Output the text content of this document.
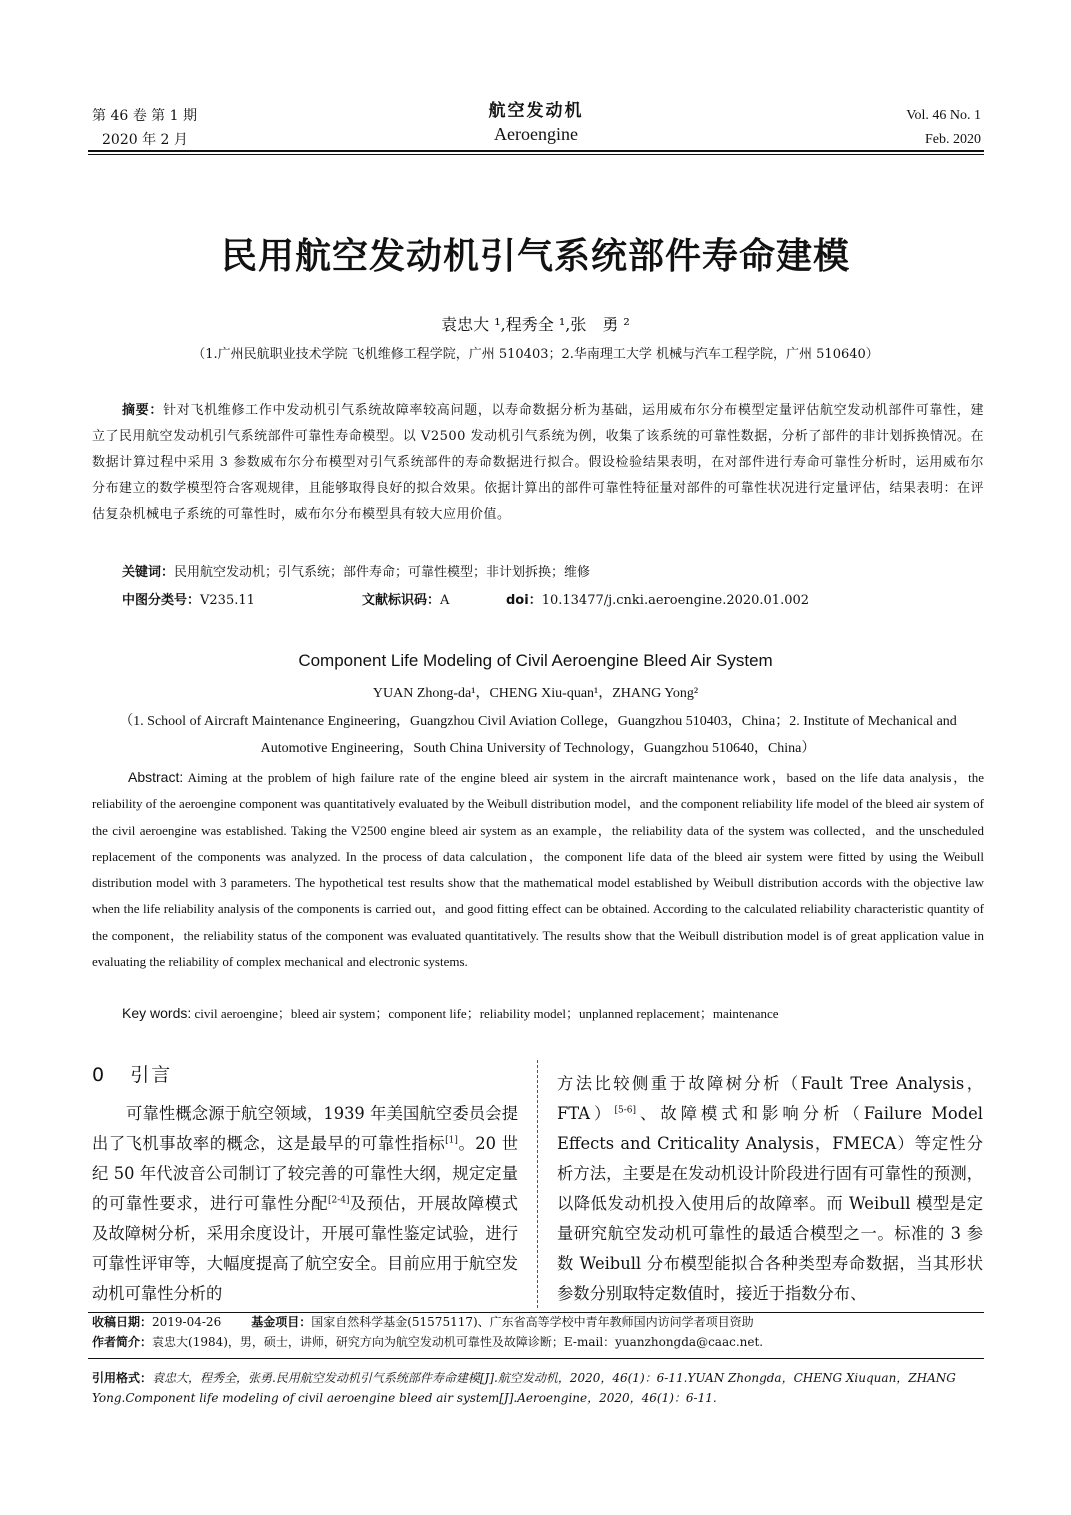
第 46 卷 第 1 期
2020 年 2 月
航空发动机
Aeroengine
Vol. 46 No. 1
Feb. 2020
民用航空发动机引气系统部件寿命建模
袁忠大 ¹,程秀全 ¹,张　勇 ²
（1.广州民航职业技术学院 飞机维修工程学院，广州 510403；2.华南理工大学 机械与汽车工程学院，广州 510640）
摘要：针对飞机维修工作中发动机引气系统故障率较高问题，以寿命数据分析为基础，运用威布尔分布模型定量评估航空发动机部件可靠性，建立了民用航空发动机引气系统部件可靠性寿命模型。以 V2500 发动机引气系统为例，收集了该系统的可靠性数据，分析了部件的非计划拆换情况。在数据计算过程中采用 3 参数威布尔分布模型对引气系统部件的寿命数据进行拟合。假设检验结果表明，在对部件进行寿命可靠性分析时，运用威布尔分布建立的数学模型符合客观规律，且能够取得良好的拟合效果。依据计算出的部件可靠性特征量对部件的可靠性状况进行定量评估，结果表明：在评估复杂机械电子系统的可靠性时，威布尔分布模型具有较大应用价值。
关键词：民用航空发动机；引气系统；部件寿命；可靠性模型；非计划拆换；维修
中图分类号：V235.11	文献标识码：A	doi：10.13477/j.cnki.aeroengine.2020.01.002
Component Life Modeling of Civil Aeroengine Bleed Air System
YUAN Zhong-da¹，CHENG Xiu-quan¹，ZHANG Yong²
（1. School of Aircraft Maintenance Engineering，Guangzhou Civil Aviation College，Guangzhou 510403，China；2. Institute of Mechanical and Automotive Engineering，South China University of Technology，Guangzhou 510640，China）
Abstract: Aiming at the problem of high failure rate of the engine bleed air system in the aircraft maintenance work，based on the life data analysis，the reliability of the aeroengine component was quantitatively evaluated by the Weibull distribution model，and the component reliability life model of the bleed air system of the civil aeroengine was established. Taking the V2500 engine bleed air system as an example，the reliability data of the system was collected，and the unscheduled replacement of the components was analyzed. In the process of data calculation，the component life data of the bleed air system were fitted by using the Weibull distribution model with 3 parameters. The hypothetical test results show that the mathematical model established by Weibull distribution accords with the objective law when the life reliability analysis of the components is carried out，and good fitting effect can be obtained. According to the calculated reliability characteristic quantity of the component，the reliability status of the component was evaluated quantitatively. The results show that the Weibull distribution model is of great application value in evaluating the reliability of complex mechanical and electronic systems.
Key words: civil aeroengine；bleed air system；component life；reliability model；unplanned replacement；maintenance
0 引言
可靠性概念源于航空领域，1939 年美国航空委员会提出了飞机事故率的概念，这是最早的可靠性指标[1]。20 世纪 50 年代波音公司制订了较完善的可靠性大纲，规定定量的可靠性要求，进行可靠性分配[2-4]及预估，开展故障模式及故障树分析，采用余度设计，开展可靠性鉴定试验，进行可靠性评审等，大幅度提高了航空安全。目前应用于航空发动机可靠性分析的
方法比较侧重于故障树分析（Fault Tree Analysis，FTA）[5-6]、故障模式和影响分析（Failure Model Effects and Criticality Analysis，FMECA）等定性分析方法，主要是在发动机设计阶段进行固有可靠性的预测，以降低发动机投入使用后的故障率。而 Weibull 模型是定量研究航空发动机可靠性的最适合模型之一。标准的 3 参数 Weibull 分布模型能拟合各种类型寿命数据，当其形状参数分别取特定数值时，接近于指数分布、
收稿日期：2019-04-26	基金项目：国家自然科学基金(51575117)、广东省高等学校中青年教师国内访问学者项目资助
作者简介：袁忠大(1984)，男，硕士，讲师，研究方向为航空发动机可靠性及故障诊断；E-mail：yuanzhongda@caac.net.
引用格式：袁忠大，程秀全，张勇.民用航空发动机引气系统部件寿命建模[J].航空发动机，2020，46(1)：6-11.YUAN Zhongda，CHENG Xiuquan，ZHANG Yong.Component life modeling of civil aeroengine bleed air system[J].Aeroengine，2020，46(1)：6-11.
